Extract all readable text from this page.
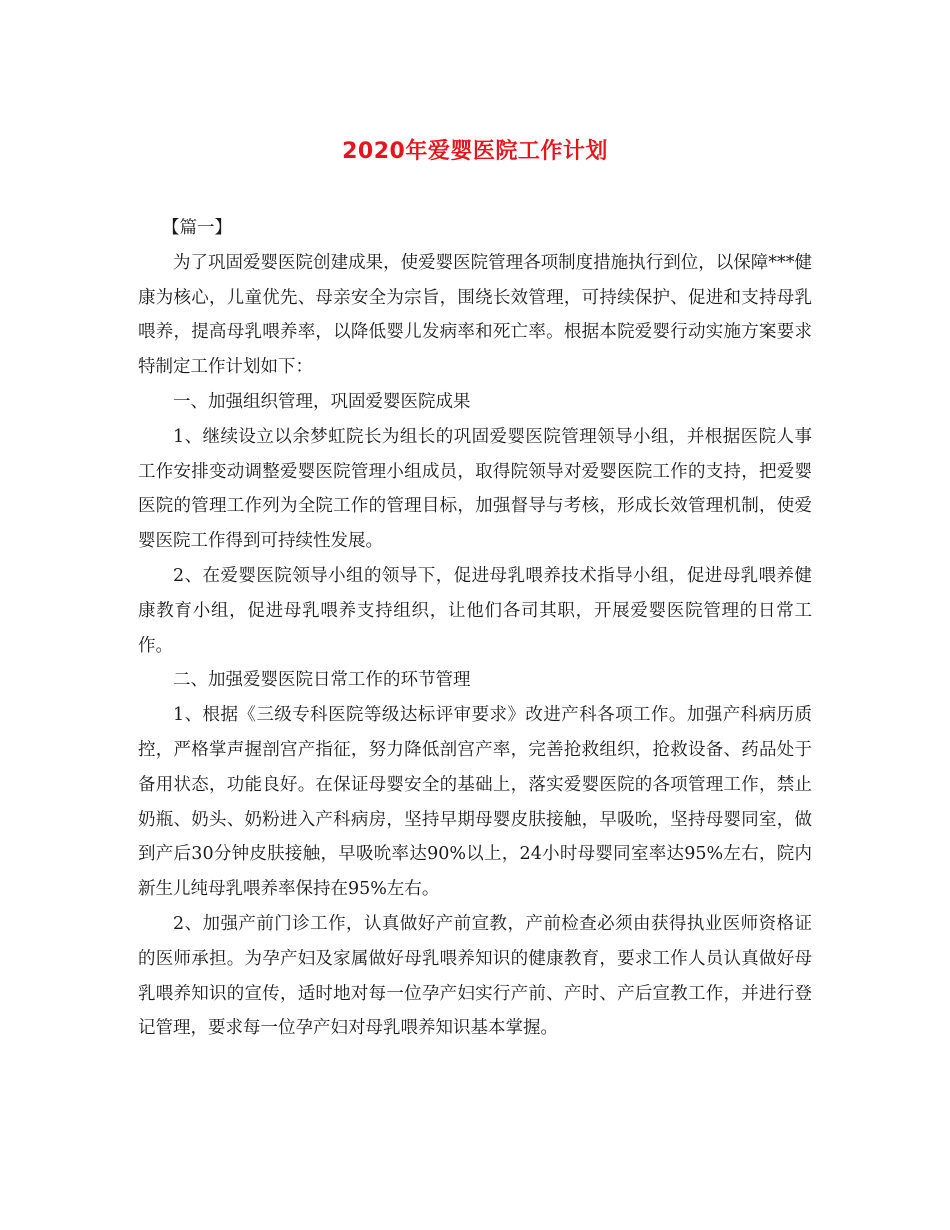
2020年爱婴医院工作计划

【篇一】

为了巩固爱婴医院创建成果，使爱婴医院管理各项制度措施执行到位，以保障***健康为核心，儿童优先、母亲安全为宗旨，围绕长效管理，可持续保护、促进和支持母乳喂养，提高母乳喂养率，以降低婴儿发病率和死亡率。根据本院爱婴行动实施方案要求特制定工作计划如下：

一、加强组织管理，巩固爱婴医院成果

1、继续设立以余梦虹院长为组长的巩固爱婴医院管理领导小组，并根据医院人事工作安排变动调整爱婴医院管理小组成员，取得院领导对爱婴医院工作的支持，把爱婴医院的管理工作列为全院工作的管理目标，加强督导与考核，形成长效管理机制，使爱婴医院工作得到可持续性发展。

2、在爱婴医院领导小组的领导下，促进母乳喂养技术指导小组，促进母乳喂养健康教育小组，促进母乳喂养支持组织，让他们各司其职，开展爱婴医院管理的日常工作。

二、加强爱婴医院日常工作的环节管理

1、根据《三级专科医院等级达标评审要求》改进产科各项工作。加强产科病历质控，严格掌声握剖宫产指征，努力降低剖宫产率，完善抢救组织，抢救设备、药品处于备用状态，功能良好。在保证母婴安全的基础上，落实爱婴医院的各项管理工作，禁止奶瓶、奶头、奶粉进入产科病房，坚持早期母婴皮肤接触，早吸吮，坚持母婴同室，做到产后30分钟皮肤接触，早吸吮率达90%以上，24小时母婴同室率达95%左右，院内新生儿纯母乳喂养率保持在95%左右。

2、加强产前门诊工作，认真做好产前宣教，产前检查必须由获得执业医师资格证的医师承担。为孕产妇及家属做好母乳喂养知识的健康教育，要求工作人员认真做好母乳喂养知识的宣传，适时地对每一位孕产妇实行产前、产时、产后宣教工作，并进行登记管理，要求每一位孕产妇对母乳喂养知识基本掌握。
